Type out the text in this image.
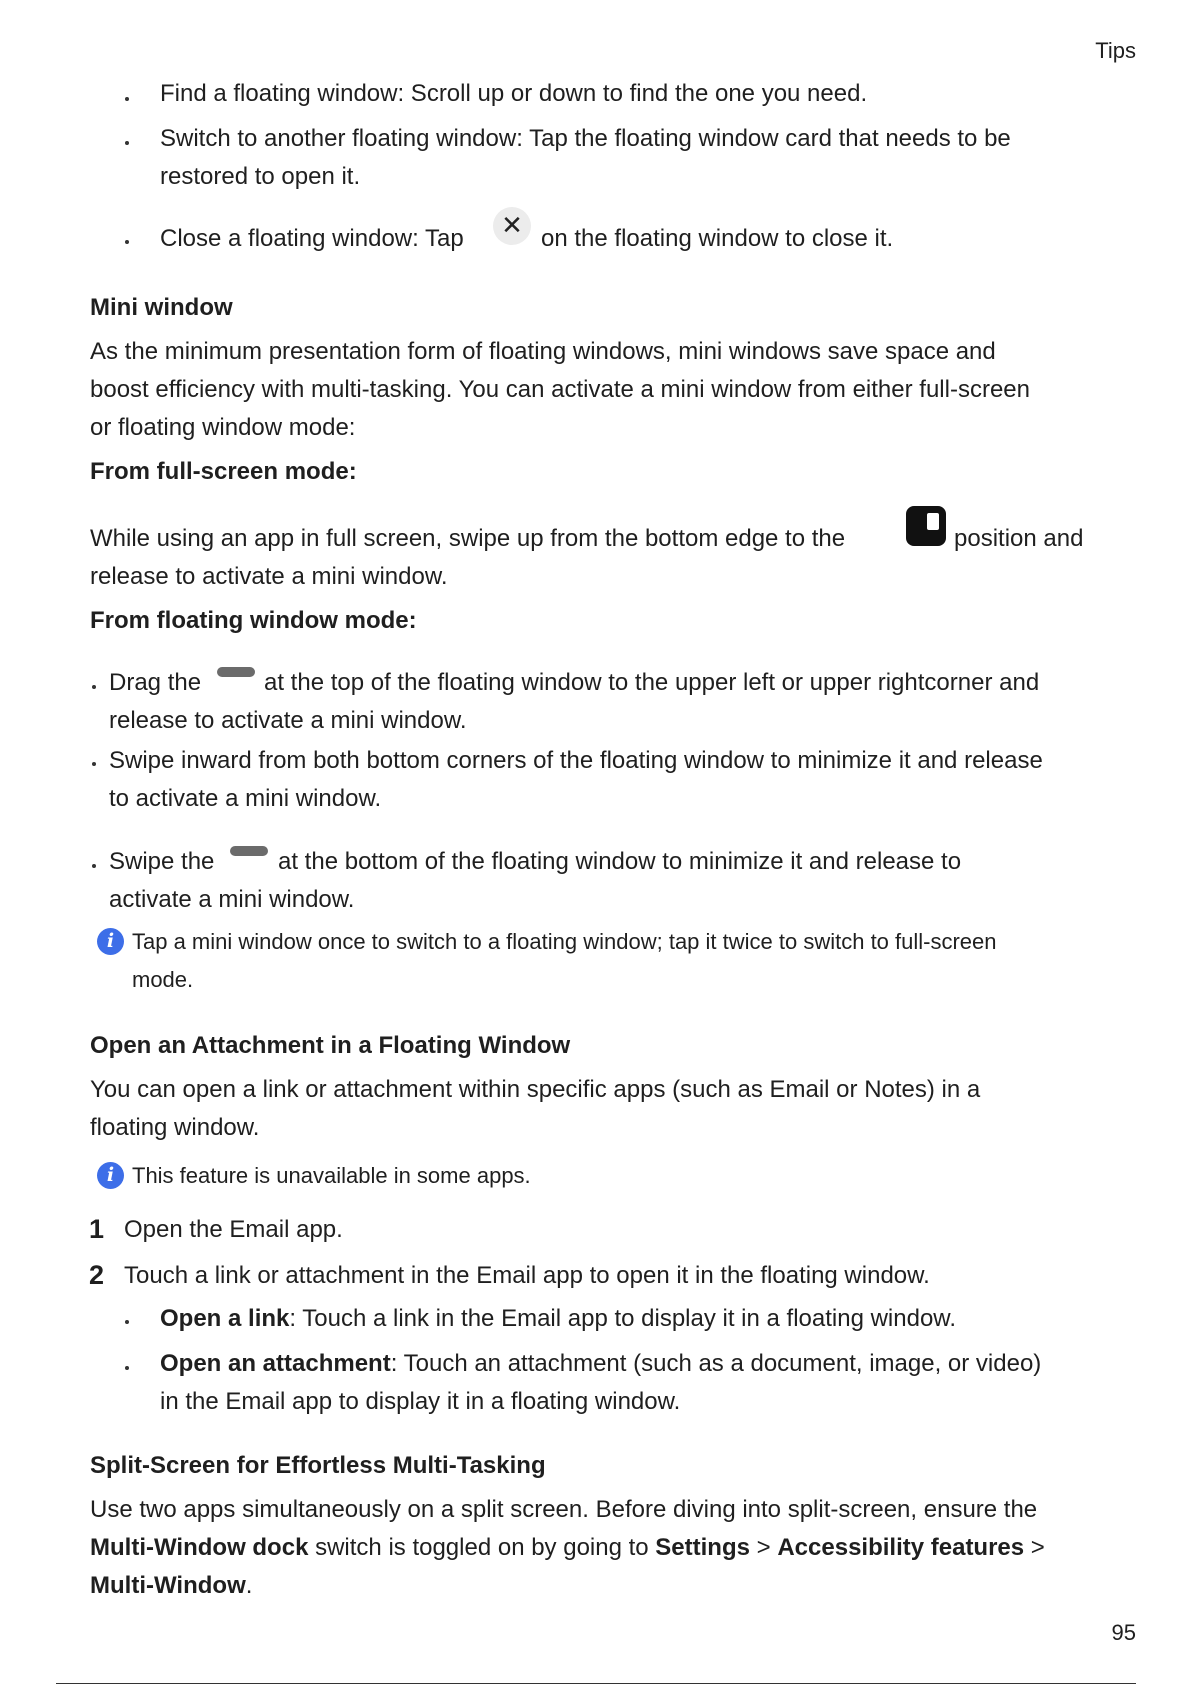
Tips
Find a floating window: Scroll up or down to find the one you need.
Switch to another floating window: Tap the floating window card that needs to be
restored to open it.
Close a floating window: Tap	✕ on the floating window to close it.
Mini window
As the minimum presentation form of floating windows, mini windows save space and
boost efficiency with multi-tasking. You can activate a mini window from either full-screen
or floating window mode:
From full-screen mode:
While using an app in full screen, swipe up from the bottom edge to the	position and
release to activate a mini window.
From floating window mode:
Drag the	at the top of the floating window to the upper left or upper rightcorner and
release to activate a mini window.
Swipe inward from both bottom corners of the floating window to minimize it and release
to activate a mini window.
Swipe the	at the bottom of the floating window to minimize it and release to
activate a mini window.
i Tap a mini window once to switch to a floating window; tap it twice to switch to full-screen
mode.
Open an Attachment in a Floating Window
You can open a link or attachment within specific apps (such as Email or Notes) in a
floating window.
i This feature is unavailable in some apps.
1 Open the Email app.
2 Touch a link or attachment in the Email app to open it in the floating window.
Open a link: Touch a link in the Email app to display it in a floating window.
Open an attachment: Touch an attachment (such as a document, image, or video)
in the Email app to display it in a floating window.
Split-Screen for Effortless Multi-Tasking
Use two apps simultaneously on a split screen. Before diving into split-screen, ensure the
Multi-Window dock switch is toggled on by going to Settings > Accessibility features >
Multi-Window.
95
